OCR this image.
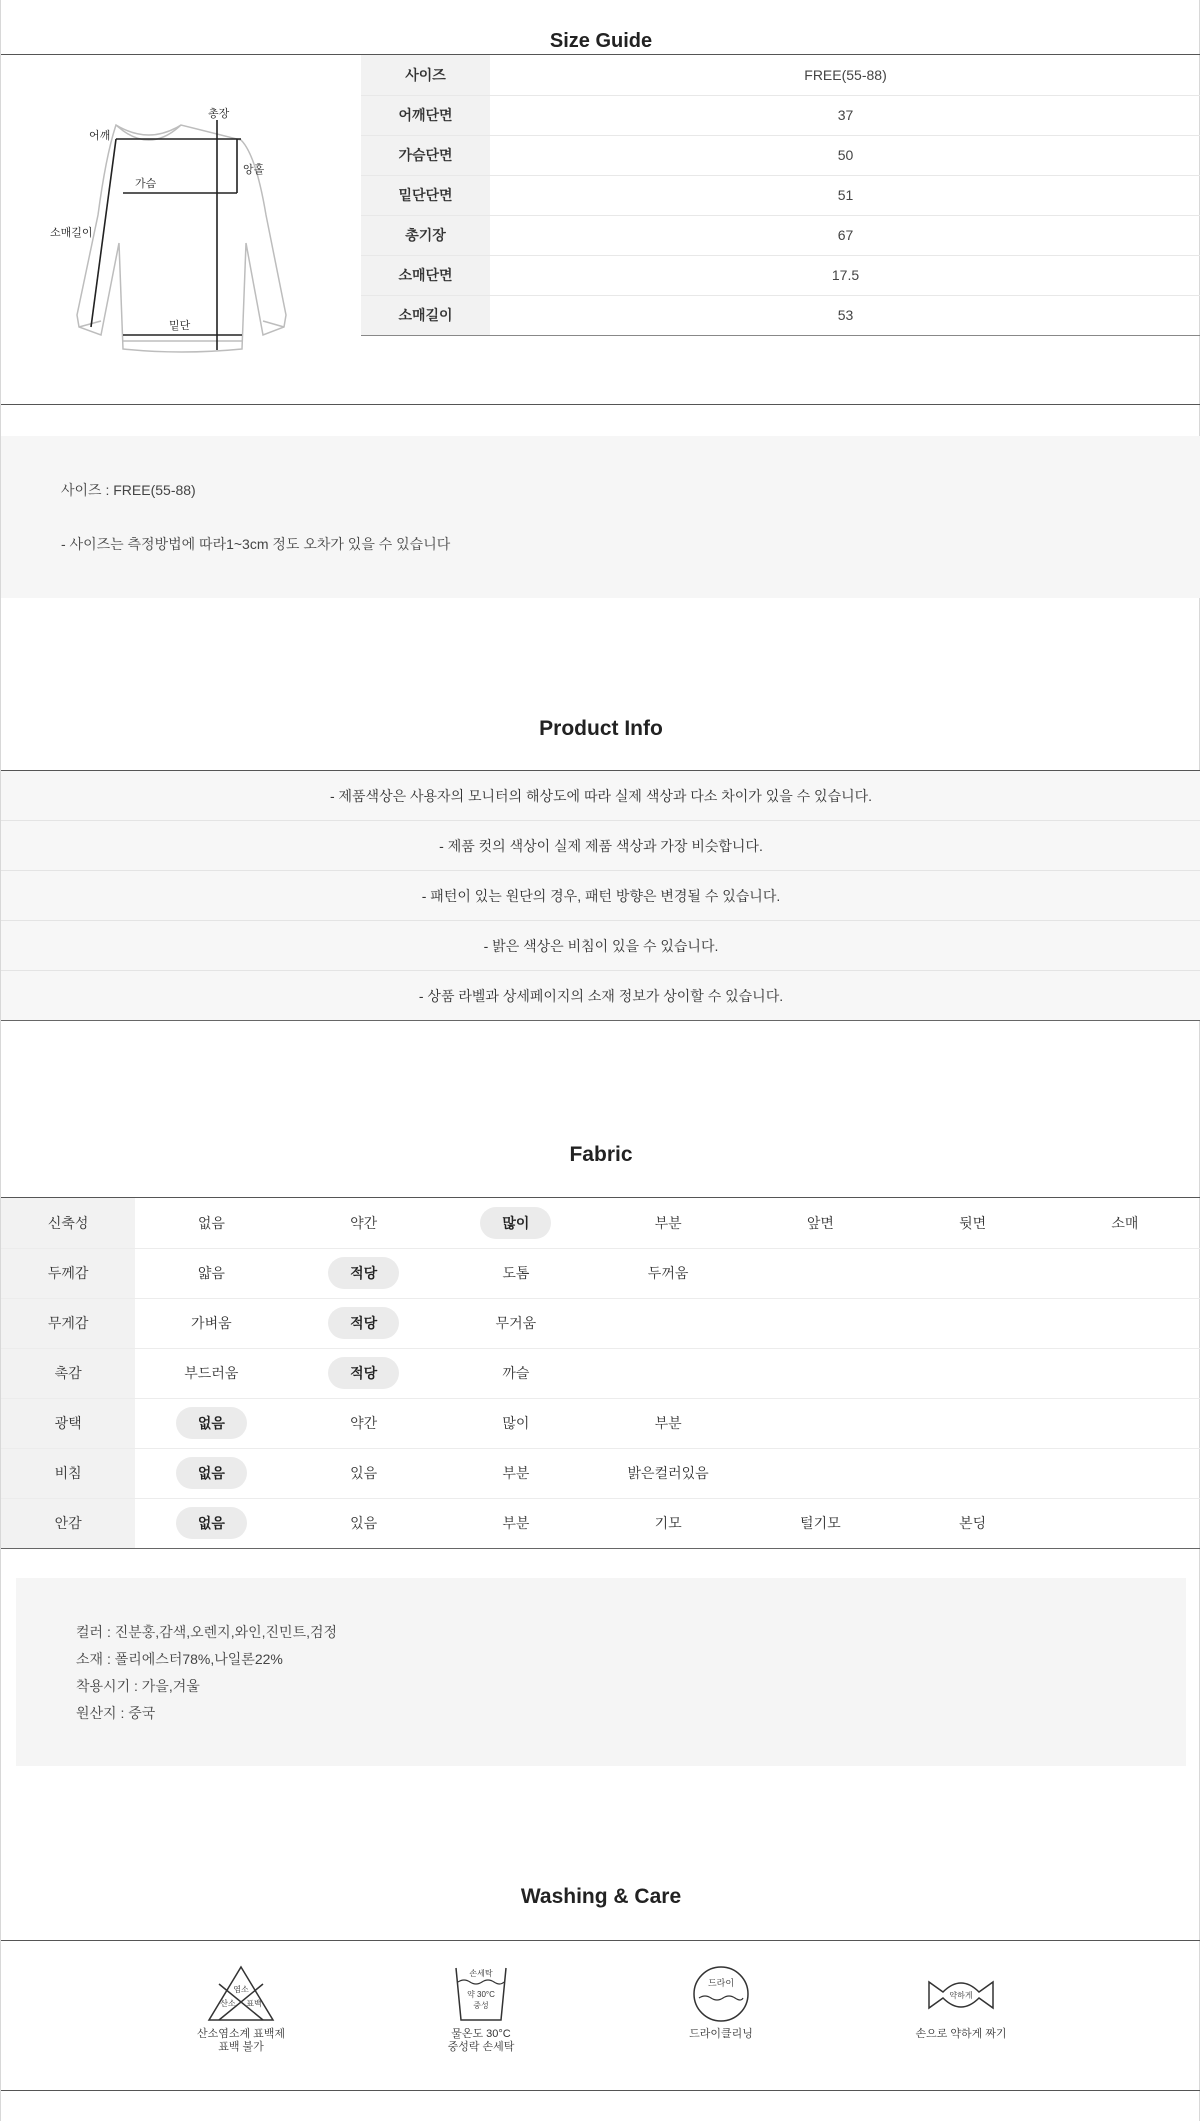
Size Guide
어깨
총장
앙홀
가슴
소매길이
밑단
사이즈	FREE(55-88)
어깨단면	37
가슴단면	50
밑단단면	51
총기장	67
소매단면	17.5
소매길이	53

사이즈 : FREE(55-88)

- 사이즈는 측정방법에 따라1~3cm 정도 오차가 있을 수 있습니다

Product Info
- 제품색상은 사용자의 모니터의 해상도에 따라 실제 색상과 다소 차이가 있을 수 있습니다.
- 제품 컷의 색상이 실제 제품 색상과 가장 비슷합니다.
- 패턴이 있는 원단의 경우, 패턴 방향은 변경될 수 있습니다.
- 밝은 색상은 비침이 있을 수 있습니다.
- 상품 라벨과 상세페이지의 소재 정보가 상이할 수 있습니다.
Fabric
신축성	없음	약간	많이	부분	앞면	뒷면	소매
두께감	얇음	적당	도톰	두꺼움			
무게감	가벼움	적당	무거움				
촉감	부드러움	적당	까슬				
광택	없음	약간	많이	부분			
비침	없음	있음	부분	밝은컬러있음			
안감	없음	있음	부분	기모	털기모	본딩	

컬러 : 진분홍,감색,오렌지,와인,진민트,검정

소재 : 폴리에스터78%,나일론22%

착용시기 : 가을,겨울

원산지 : 중국

Washing & Care
염소
산소 표백
산소염소계 표백제
표백 불가
손세탁
약 30°C
중성
물온도 30°C
중성락 손세탁
드라이
드라이클리닝
약하게
손으로 약하게 짜기
